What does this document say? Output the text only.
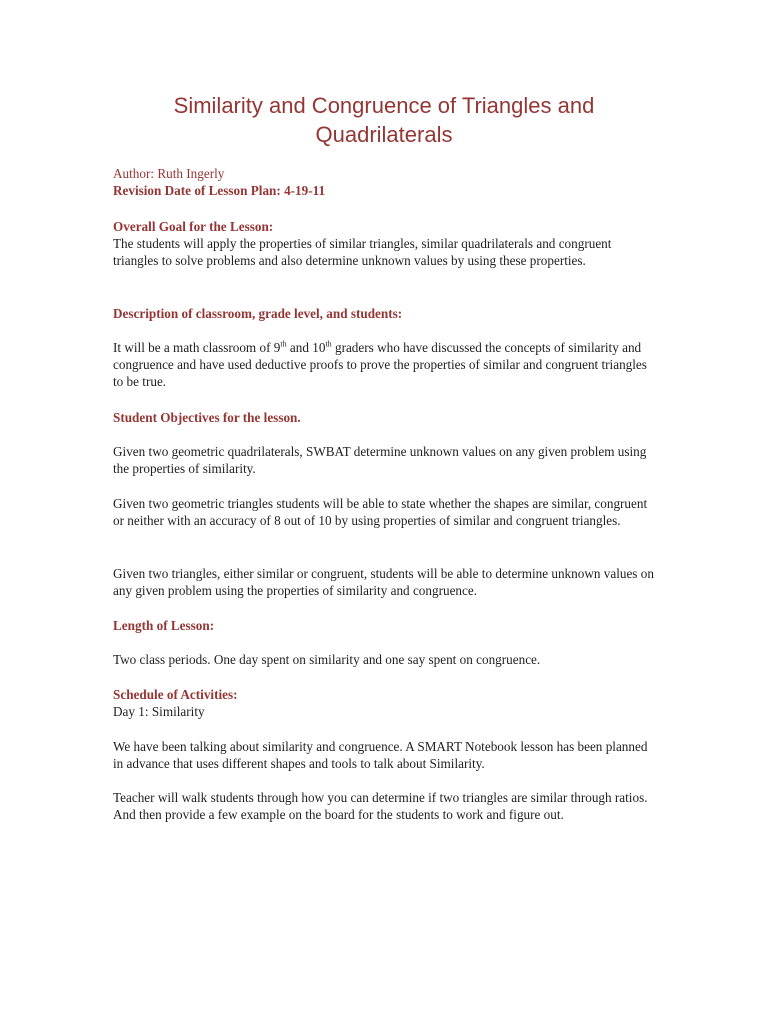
Similarity and Congruence of Triangles and
Quadrilaterals

Author: Ruth Ingerly

Revision Date of Lesson Plan: 4-19-11

Overall Goal for the Lesson:

The students will apply the properties of similar triangles, similar quadrilaterals and congruent triangles to solve problems and also determine unknown values by using these properties.

Description of classroom, grade level, and students:

It will be a math classroom of 9th and 10th graders who have discussed the concepts of similarity and congruence and have used deductive proofs to prove the properties of similar and congruent triangles to be true.

Student Objectives for the lesson.

Given two geometric quadrilaterals, SWBAT determine unknown values on any given problem using the properties of similarity.

Given two geometric triangles students will be able to state whether the shapes are similar, congruent or neither with an accuracy of 8 out of 10 by using properties of similar and congruent triangles.

Given two triangles, either similar or congruent, students will be able to determine unknown values on any given problem using the properties of similarity and congruence.

Length of Lesson:

Two class periods. One day spent on similarity and one say spent on congruence.

Schedule of Activities:

Day 1: Similarity

We have been talking about similarity and congruence. A SMART Notebook lesson has been planned in advance that uses different shapes and tools to talk about Similarity.

Teacher will walk students through how you can determine if two triangles are similar through ratios. And then provide a few example on the board for the students to work and figure out.
